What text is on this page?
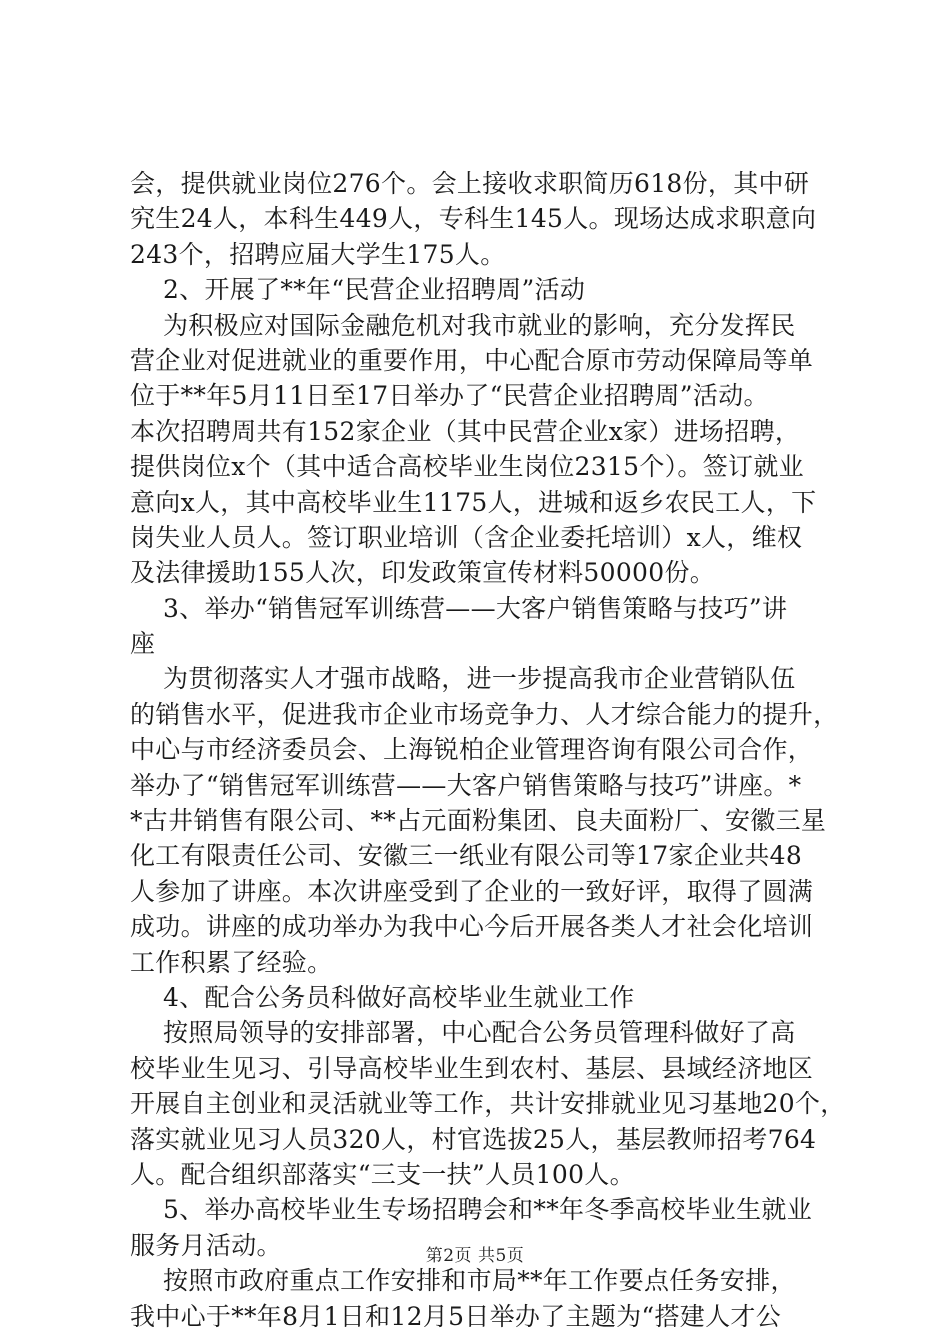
会，提供就业岗位276个。会上接收求职简历618份，其中研
究生24人，本科生449人，专科生145人。现场达成求职意向
243个，招聘应届大学生175人。
2、开展了**年“民营企业招聘周”活动
为积极应对国际金融危机对我市就业的影响，充分发挥民
营企业对促进就业的重要作用，中心配合原市劳动保障局等单
位于**年5月11日至17日举办了“民营企业招聘周”活动。
本次招聘周共有152家企业（其中民营企业x家）进场招聘，
提供岗位x个（其中适合高校毕业生岗位2315个）。签订就业
意向x人，其中高校毕业生1175人，进城和返乡农民工人，下
岗失业人员人。签订职业培训（含企业委托培训）x人，维权
及法律援助155人次，印发政策宣传材料50000份。
3、举办“销售冠军训练营——大客户销售策略与技巧”讲
座
为贯彻落实人才强市战略，进一步提高我市企业营销队伍
的销售水平，促进我市企业市场竞争力、人才综合能力的提升，
中心与市经济委员会、上海锐柏企业管理咨询有限公司合作，
举办了“销售冠军训练营——大客户销售策略与技巧”讲座。*
*古井销售有限公司、**占元面粉集团、良夫面粉厂、安徽三星
化工有限责任公司、安徽三一纸业有限公司等17家企业共48
人参加了讲座。本次讲座受到了企业的一致好评，取得了圆满
成功。讲座的成功举办为我中心今后开展各类人才社会化培训
工作积累了经验。
4、配合公务员科做好高校毕业生就业工作
按照局领导的安排部署，中心配合公务员管理科做好了高
校毕业生见习、引导高校毕业生到农村、基层、县域经济地区
开展自主创业和灵活就业等工作，共计安排就业见习基地20个，
落实就业见习人员320人，村官选拔25人，基层教师招考764
人。配合组织部落实“三支一扶”人员100人。
5、举办高校毕业生专场招聘会和**年冬季高校毕业生就业
服务月活动。
按照市政府重点工作安排和市局**年工作要点任务安排，
我中心于**年8月1日和12月5日举办了主题为“搭建人才公
第2页 共5页
